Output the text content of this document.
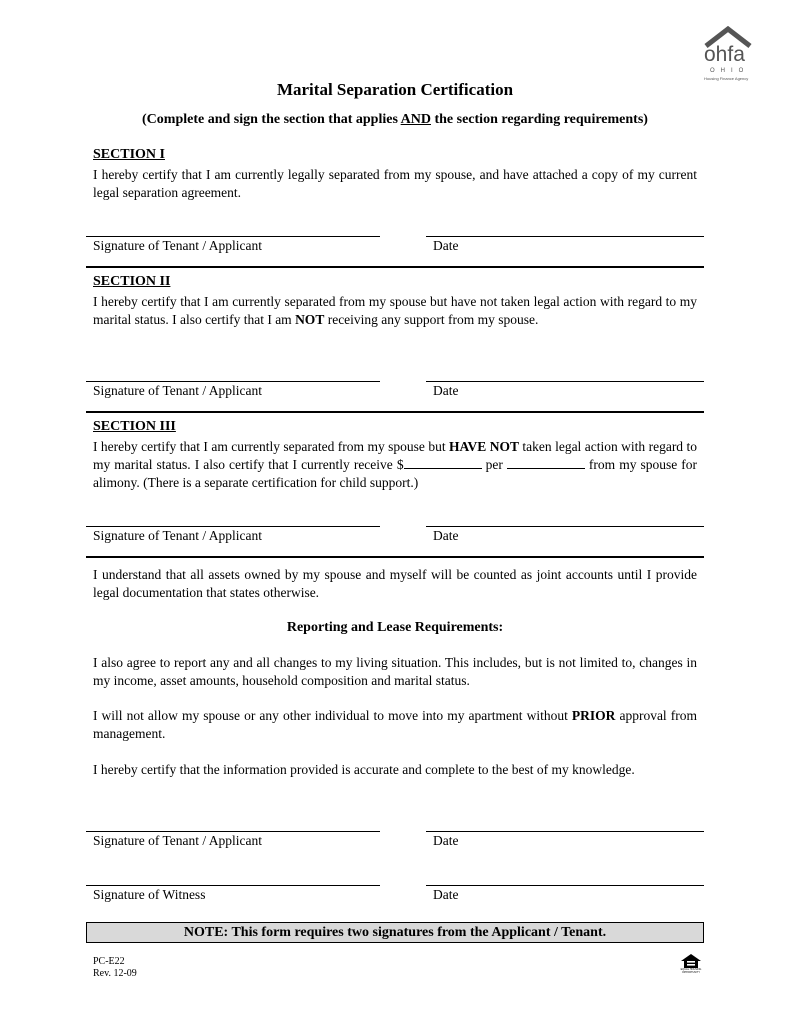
ohfa
OHIO
Housing Finance Agency
Marital Separation Certification
(Complete and sign the section that applies AND the section regarding requirements)
SECTION I
I hereby certify that I am currently legally separated from my spouse, and have attached a copy of my current legal separation agreement.
Signature of Tenant / Applicant	Date
SECTION II
I hereby certify that I am currently separated from my spouse but have not taken legal action with regard to my marital status. I also certify that I am NOT receiving any support from my spouse.
Signature of Tenant / Applicant	Date
SECTION III
I hereby certify that I am currently separated from my spouse but HAVE NOT taken legal action with regard to my marital status. I also certify that I currently receive $	per	from my spouse for alimony. (There is a separate certification for child support.)
Signature of Tenant / Applicant	Date
I understand that all assets owned by my spouse and myself will be counted as joint accounts until I provide legal documentation that states otherwise.
Reporting and Lease Requirements:
I also agree to report any and all changes to my living situation. This includes, but is not limited to, changes in my income, asset amounts, household composition and marital status.
I will not allow my spouse or any other individual to move into my apartment without PRIOR approval from management.
I hereby certify that the information provided is accurate and complete to the best of my knowledge.
Signature of Tenant / Applicant	Date
Signature of Witness	Date
NOTE: This form requires two signatures from the Applicant / Tenant.
PC-E22
Rev. 12-09	EQUAL HOUSING OPPORTUNITY
